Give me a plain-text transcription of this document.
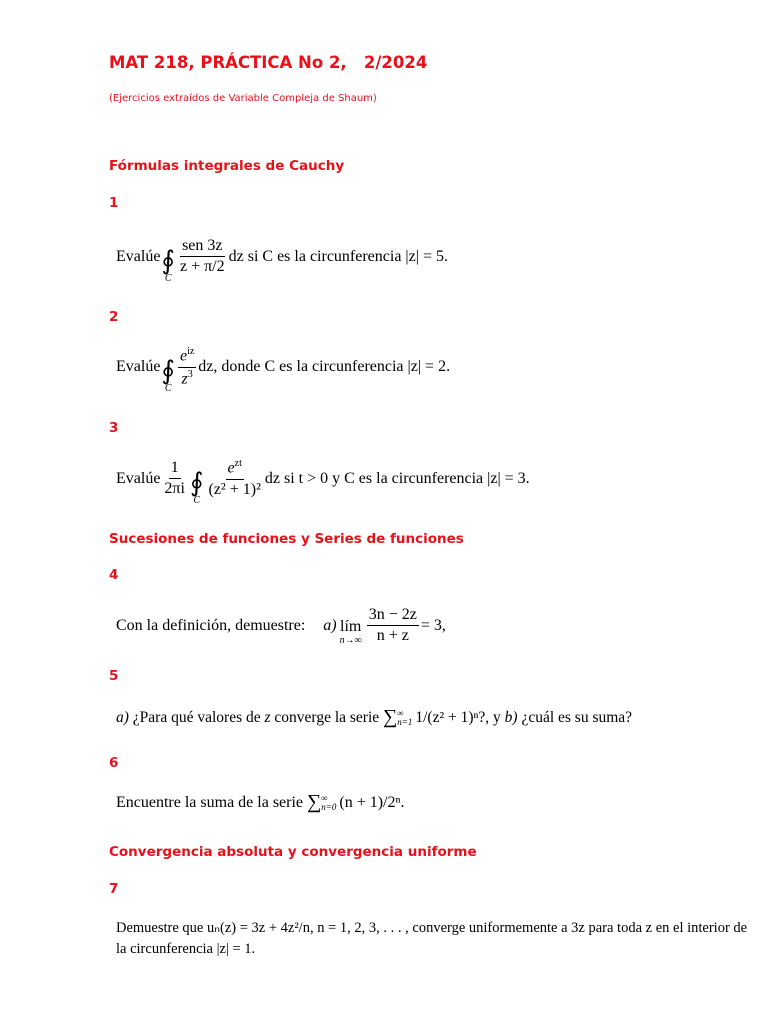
MAT 218, PRÁCTICA No 2,   2/2024
(Ejercicios extraídos de Variable Compleja de Shaum)
Fórmulas integrales de Cauchy
1
Evalúe ∮
C
$\frac{\text{sen 3z}}{z + \pi/2}$ dz si C es la circunferencia |z| = 5.
2
Evalúe ∮
C
$\frac{e^{iz}}{z^3}$ dz, donde C es la circunferencia |z| = 2.
3
Evalúe $\frac{1}{2\pi i}$ ∮
C
$\frac{e^{zt}}{\text{(z² + 1)²}}$ dz si t > 0 y C es la circunferencia |z| = 3.
Sucesiones de funciones y Series de funciones
4
Con la definición, demuestre: a) lím
$n\to\infty \frac{3n - 2z}{n + z} = 3$,
5
a)
¿Para qué valores de
z
converge la serie
∑ ∞
n=1 1/(z² + 1)ⁿ?, y
b)
¿cuál es su suma?
6
Encuentre la suma de la serie
∑ ∞
n=0 (n + 1)/2ⁿ.
Convergencia absoluta y convergencia uniforme
7
Demuestre que uₙ(z) = 3z + 4z²/n, n = 1, 2, 3, . . . , converge uniformemente a 3z para toda z en el interior de
la circunferencia |z| = 1.
